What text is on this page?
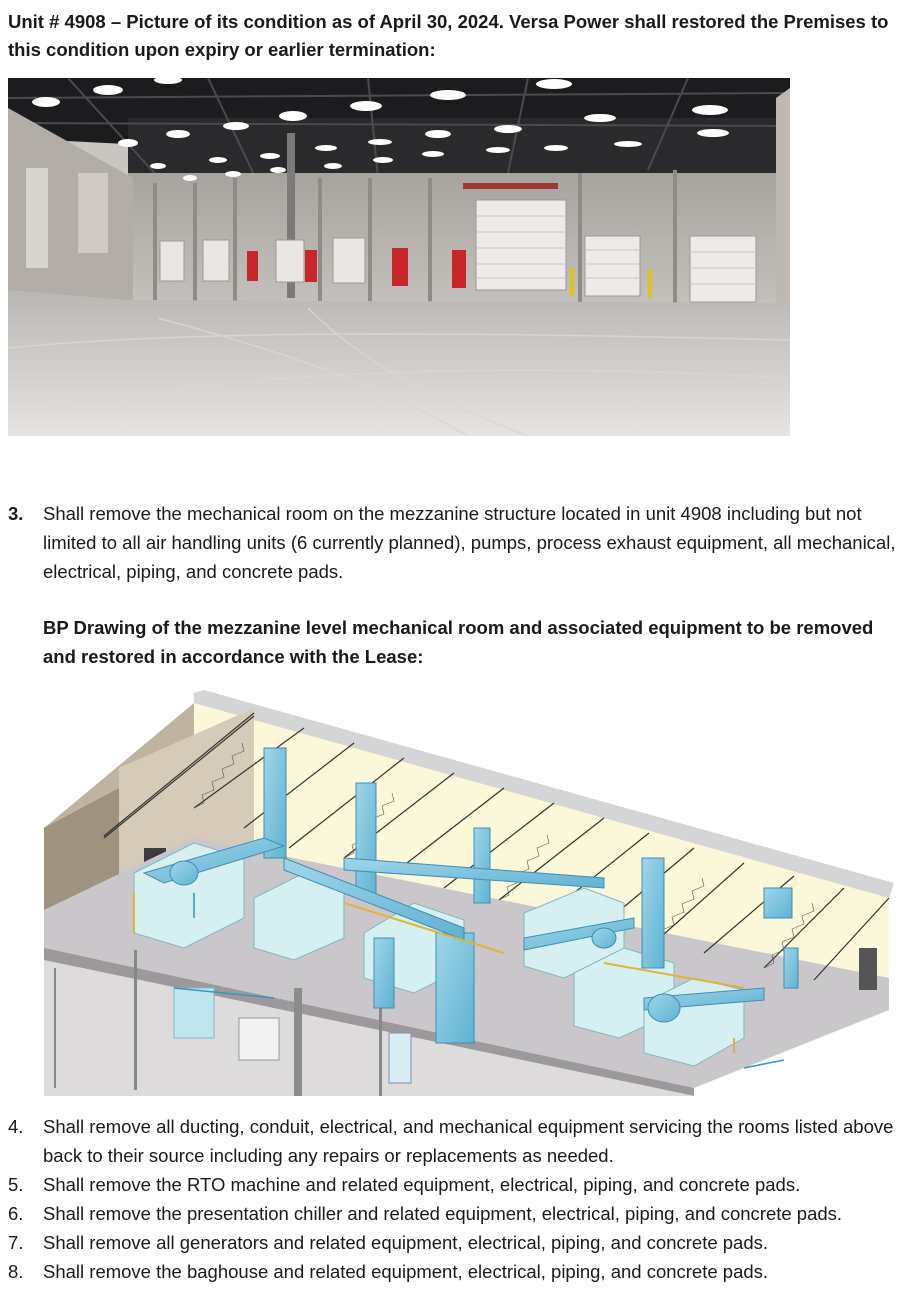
Unit # 4908 – Picture of its condition as of April 30, 2024. Versa Power shall restored the Premises to this condition upon expiry or earlier termination:

3.	Shall remove the mechanical room on the mezzanine structure located in unit 4908 including but not limited to all air handling units (6 currently planned), pumps, process exhaust equipment, all mechanical, electrical, piping, and concrete pads.

BP Drawing of the mezzanine level mechanical room and associated equipment to be removed and restored in accordance with the Lease:

4.	Shall remove all ducting, conduit, electrical, and mechanical equipment servicing the rooms listed above back to their source including any repairs or replacements as needed.
5.	Shall remove the RTO machine and related equipment, electrical, piping, and concrete pads.
6.	Shall remove the presentation chiller and related equipment, electrical, piping, and concrete pads.
7.	Shall remove all generators and related equipment, electrical, piping, and concrete pads.
8.	Shall remove the baghouse and related equipment, electrical, piping, and concrete pads.
